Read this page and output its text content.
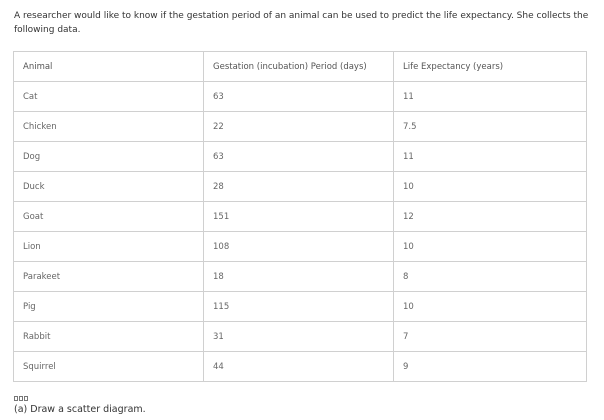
A researcher would like to know if the gestation period of an animal can be used to predict the life expectancy. She collects the following data.
Animal	Gestation (incubation) Period (days)	Life Expectancy (years)
Cat	63	11
Chicken	22	7.5
Dog	63	11
Duck	28	10
Goat	151	12
Lion	108	10
Parakeet	18	8
Pig	115	10
Rabbit	31	7
Squirrel	44	9
(a) Draw a scatter diagram.
